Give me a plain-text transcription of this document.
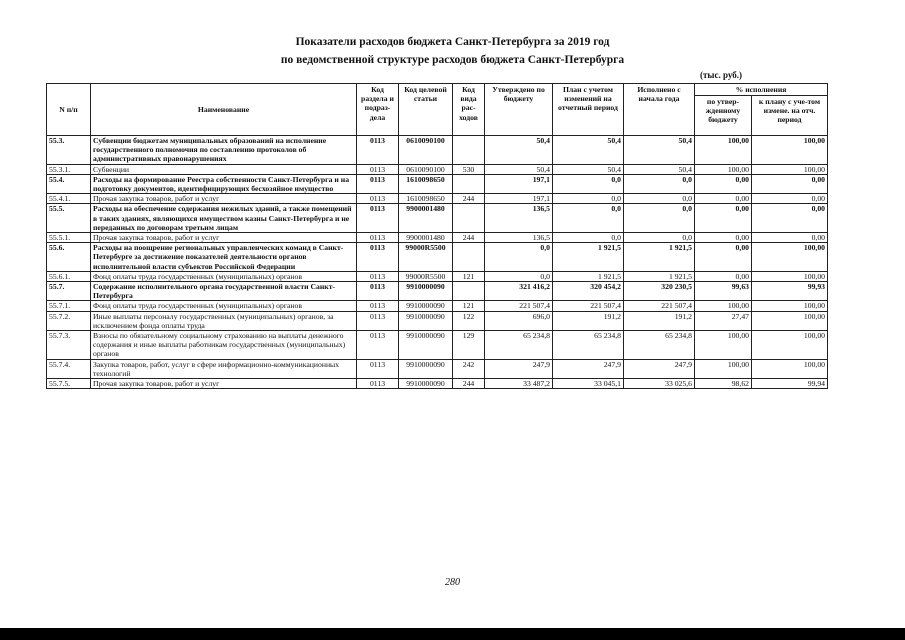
Показатели расходов бюджета Санкт-Петербурга за 2019 год
по ведомственной структуре расходов бюджета Санкт-Петербурга
(тыс. руб.)
N п/п	Наименование	Код раздела и подраз-дела	Код целевой статьи	Код вида рас-ходов	Утверждено по бюджету	План с учетом изменений на отчетный период	Исполнено с начала года	% исполнения	
								по утвер-жденному бюджету	к плану с уче-том измене. на отч. период
55.3.	Субвенции бюджетам муниципальных образований на исполнение государственного полномочия по составлению протоколов об административных правонарушениях	0113	0610090100		50,4	50,4	50,4	100,00	100,00
55.3.1.	Субвенции	0113	0610090100	530	50,4	50,4	50,4	100,00	100,00
55.4.	Расходы на формирование Реестра собственности Санкт-Петербурга и на подготовку документов, идентифицирующих бесхозяйное имущество	0113	1610098650		197,1	0,0	0,0	0,00	0,00
55.4.1.	Прочая закупка товаров, работ и услуг	0113	1610098650	244	197,1	0,0	0,0	0,00	0,00
55.5.	Расходы на обеспечение содержания нежилых зданий, а также помещений в таких зданиях, являющихся имуществом казны Санкт-Петербурга и не переданных по договорам третьим лицам	0113	9900001480		136,5	0,0	0,0	0,00	0,00
55.5.1.	Прочая закупка товаров, работ и услуг	0113	9900001480	244	136,5	0,0	0,0	0,00	0,00
55.6.	Расходы на поощрение региональных управленческих команд в Санкт-Петербурге за достижение показателей деятельности органов исполнительной власти субъектов Российской Федерации	0113	99000R5500		0,0	1 921,5	1 921,5	0,00	100,00
55.6.1.	Фонд оплаты труда государственных (муниципальных) органов	0113	99000R5500	121	0,0	1 921,5	1 921,5	0,00	100,00
55.7.	Содержание исполнительного органа государственной власти Санкт-Петербурга	0113	9910000090		321 416,2	320 454,2	320 230,5	99,63	99,93
55.7.1.	Фонд оплаты труда государственных (муниципальных) органов	0113	9910000090	121	221 507,4	221 507,4	221 507,4	100,00	100,00
55.7.2.	Иные выплаты персоналу государственных (муниципальных) органов, за исключением фонда оплаты труда	0113	9910000090	122	696,0	191,2	191,2	27,47	100,00
55.7.3.	Взносы по обязательному социальному страхованию на выплаты денежного содержания и иные выплаты работникам государственных (муниципальных) органов	0113	9910000090	129	65 234,8	65 234,8	65 234,8	100,00	100,00
55.7.4.	Закупка товаров, работ, услуг в сфере информационно-коммуникационных технологий	0113	9910000090	242	247,9	247,9	247,9	100,00	100,00
55.7.5.	Прочая закупка товаров, работ и услуг	0113	9910000090	244	33 487,2	33 045,1	33 025,6	98,62	99,94
280
